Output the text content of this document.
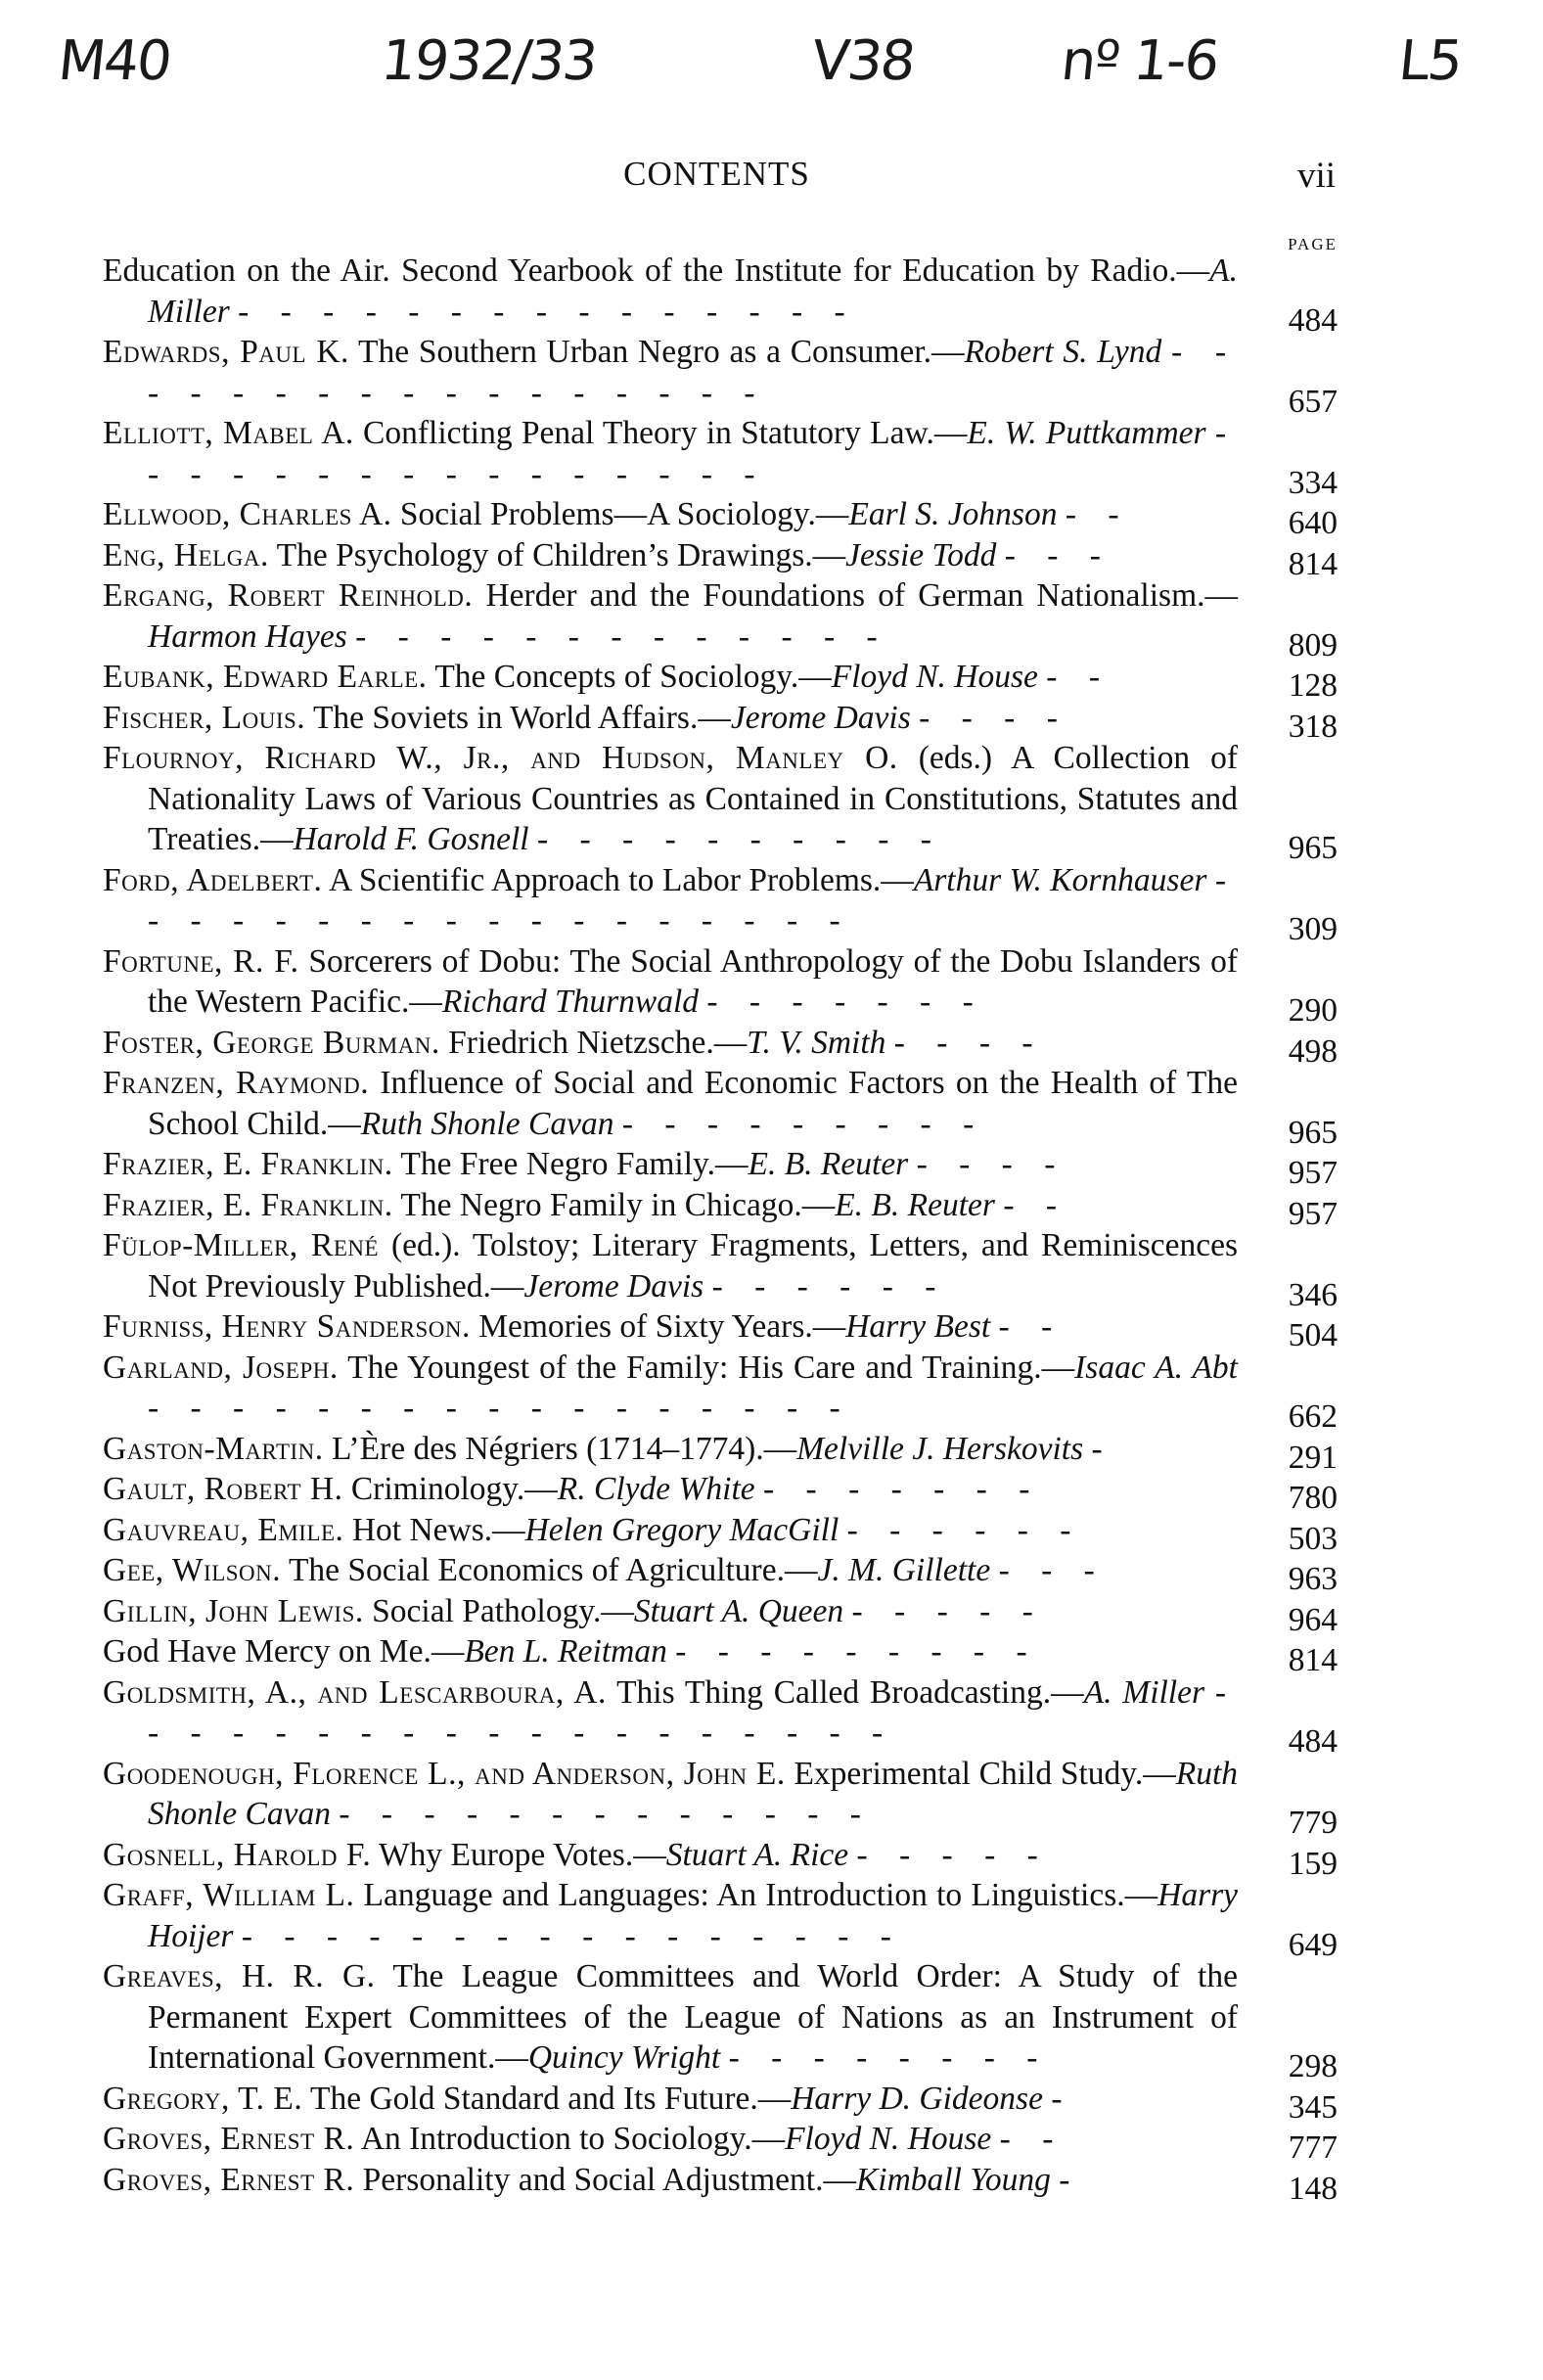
M40	1932/33	V38	nº 1-6	L5
CONTENTS	vii
PAGE
Education on the Air. Second Yearbook of the Institute for Education by Radio.—A. Miller - - - - - - - - - - - - - - -	484
Edwards, Paul K. The Southern Urban Negro as a Consumer.—Robert S. Lynd - - - - - - - - - - - - - - - - -	657
Elliott, Mabel A. Conflicting Penal Theory in Statutory Law.—E. W. Puttkammer - - - - - - - - - - - - - - - -	334
Ellwood, Charles A. Social Problems—A Sociology.—Earl S. Johnson - -	640
Eng, Helga. The Psychology of Children’s Drawings.—Jessie Todd - - -	814
Ergang, Robert Reinhold. Herder and the Foundations of German Nationalism.—Harmon Hayes - - - - - - - - - - - - -	809
Eubank, Edward Earle. The Concepts of Sociology.—Floyd N. House - -	128
Fischer, Louis. The Soviets in World Affairs.—Jerome Davis - - - -	318
Flournoy, Richard W., Jr., and Hudson, Manley O. (eds.) A Collection of Nationality Laws of Various Countries as Contained in Constitutions, Statutes and Treaties.—Harold F. Gosnell - - - - - - - - - -	965
Ford, Adelbert. A Scientific Approach to Labor Problems.—Arthur W. Kornhauser - - - - - - - - - - - - - - - - - -	309
Fortune, R. F. Sorcerers of Dobu: The Social Anthropology of the Dobu Islanders of the Western Pacific.—Richard Thurnwald - - - - - - -	290
Foster, George Burman. Friedrich Nietzsche.—T. V. Smith - - - -	498
Franzen, Raymond. Influence of Social and Economic Factors on the Health of The School Child.—Ruth Shonle Cavan - - - - - - - - -	965
Frazier, E. Franklin. The Free Negro Family.—E. B. Reuter - - - -	957
Frazier, E. Franklin. The Negro Family in Chicago.—E. B. Reuter - -	957
Fülop-Miller, René (ed.). Tolstoy; Literary Fragments, Letters, and Reminiscences Not Previously Published.—Jerome Davis - - - - - -	346
Furniss, Henry Sanderson. Memories of Sixty Years.—Harry Best - -	504
Garland, Joseph. The Youngest of the Family: His Care and Training.—Isaac A. Abt - - - - - - - - - - - - - - - - -	662
Gaston-Martin. L’Ère des Négriers (1714–1774).—Melville J. Herskovits -	291
Gault, Robert H. Criminology.—R. Clyde White - - - - - - -	780
Gauvreau, Emile. Hot News.—Helen Gregory MacGill - - - - - -	503
Gee, Wilson. The Social Economics of Agriculture.—J. M. Gillette - - -	963
Gillin, John Lewis. Social Pathology.—Stuart A. Queen - - - - -	964
God Have Mercy on Me.—Ben L. Reitman - - - - - - - - -	814
Goldsmith, A., and Lescarboura, A. This Thing Called Broadcasting.—A. Miller - - - - - - - - - - - - - - - - - - -	484
Goodenough, Florence L., and Anderson, John E. Experimental Child Study.—Ruth Shonle Cavan - - - - - - - - - - - - -	779
Gosnell, Harold F. Why Europe Votes.—Stuart A. Rice - - - - -	159
Graff, William L. Language and Languages: An Introduction to Linguistics.—Harry Hoijer - - - - - - - - - - - - - - - -	649
Greaves, H. R. G. The League Committees and World Order: A Study of the Permanent Expert Committees of the League of Nations as an Instrument of International Government.—Quincy Wright - - - - - - - -	298
Gregory, T. E. The Gold Standard and Its Future.—Harry D. Gideonse -	345
Groves, Ernest R. An Introduction to Sociology.—Floyd N. House - -	777
Groves, Ernest R. Personality and Social Adjustment.—Kimball Young -	148
